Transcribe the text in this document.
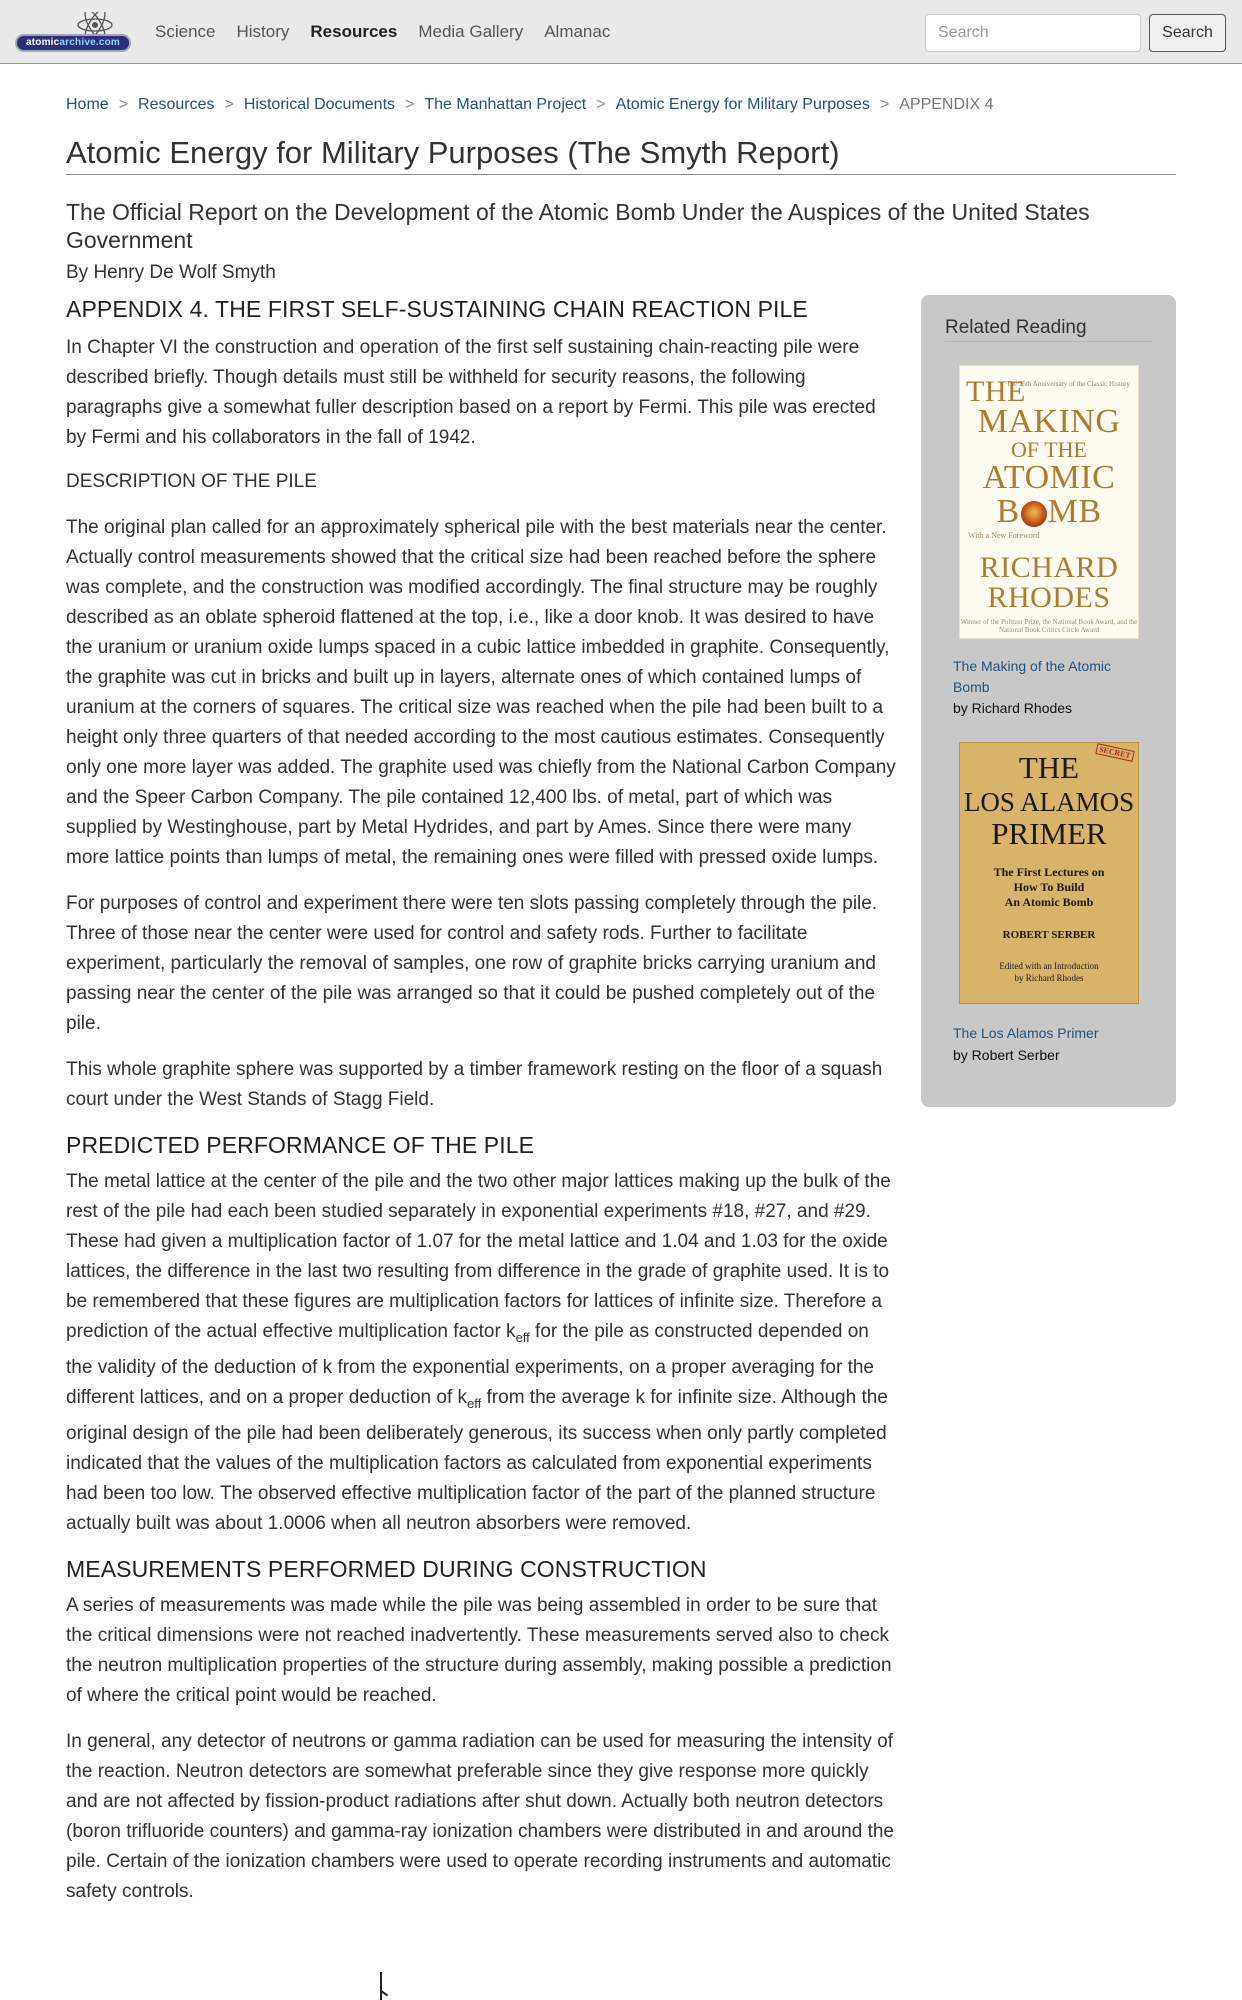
atomicarchive.com
Science History Resources Media Gallery Almanac
Search	Search
Home > Resources > Historical Documents > The Manhattan Project > Atomic Energy for Military Purposes > APPENDIX 4
Atomic Energy for Military Purposes (The Smyth Report)
The Official Report on the Development of the Atomic Bomb Under the Auspices of the United States Government
By Henry De Wolf Smyth
APPENDIX 4. THE FIRST SELF-SUSTAINING CHAIN REACTION PILE

In Chapter VI the construction and operation of the first self sustaining chain-reacting pile were described briefly. Though details must still be withheld for security reasons, the following paragraphs give a somewhat fuller description based on a report by Fermi. This pile was erected by Fermi and his collaborators in the fall of 1942.

DESCRIPTION OF THE PILE

The original plan called for an approximately spherical pile with the best materials near the center. Actually control measurements showed that the critical size had been reached before the sphere was complete, and the construction was modified accordingly. The final structure may be roughly described as an oblate spheroid flattened at the top, i.e., like a door knob. It was desired to have the uranium or uranium oxide lumps spaced in a cubic lattice imbedded in graphite. Consequently, the graphite was cut in bricks and built up in layers, alternate ones of which contained lumps of uranium at the corners of squares. The critical size was reached when the pile had been built to a height only three quarters of that needed according to the most cautious estimates. Consequently only one more layer was added. The graphite used was chiefly from the National Carbon Company and the Speer Carbon Company. The pile contained 12,400 lbs. of metal, part of which was supplied by Westinghouse, part by Metal Hydrides, and part by Ames. Since there were many more lattice points than lumps of metal, the remaining ones were filled with pressed oxide lumps.

For purposes of control and experiment there were ten slots passing completely through the pile. Three of those near the center were used for control and safety rods. Further to facilitate experiment, particularly the removal of samples, one row of graphite bricks carrying uranium and passing near the center of the pile was arranged so that it could be pushed completely out of the pile.

This whole graphite sphere was supported by a timber framework resting on the floor of a squash court under the West Stands of Stagg Field.

PREDICTED PERFORMANCE OF THE PILE

The metal lattice at the center of the pile and the two other major lattices making up the bulk of the rest of the pile had each been studied separately in exponential experiments #18, #27, and #29. These had given a multiplication factor of 1.07 for the metal lattice and 1.04 and 1.03 for the oxide lattices, the difference in the last two resulting from difference in the grade of graphite used. It is to be remembered that these figures are multiplication factors for lattices of infinite size. Therefore a prediction of the actual effective multiplication factor $k_{eff}$ for the pile as constructed depended on the validity of the deduction of k from the exponential experiments, on a proper averaging for the different lattices, and on a proper deduction of $k_{eff}$ from the average k for infinite size. Although the original design of the pile had been deliberately generous, its success when only partly completed indicated that the values of the multiplication factors as calculated from exponential experiments had been too low. The observed effective multiplication factor of the part of the planned structure actually built was about 1.0006 when all neutron absorbers were removed.

MEASUREMENTS PERFORMED DURING CONSTRUCTION

A series of measurements was made while the pile was being assembled in order to be sure that the critical dimensions were not reached inadvertently. These measurements served also to check the neutron multiplication properties of the structure during assembly, making possible a prediction of where the critical point would be reached.

In general, any detector of neutrons or gamma radiation can be used for measuring the intensity of the reaction. Neutron detectors are somewhat preferable since they give response more quickly and are not affected by fission-product radiations after shut down. Actually both neutron detectors (boron trifluoride counters) and gamma-ray ionization chambers were distributed in and around the pile. Certain of the ionization chambers were used to operate recording instruments and automatic safety controls.

Related Reading
The 25th Anniversary of the Classic History
THE
MAKING
OF THE
ATOMIC
B MB
With a New Foreword
RICHARD
RHODES
Winner of the Pulitzer Prize, the National Book Award, and the National Book Critics Circle Award
The Making of the Atomic Bomb
by Richard Rhodes
SECRET
THE
LOS ALAMOS
PRIMER
The First Lectures on
How To Build
An Atomic Bomb
ROBERT SERBER
Edited with an Introduction
by Richard Rhodes
The Los Alamos Primer
by Robert Serber
